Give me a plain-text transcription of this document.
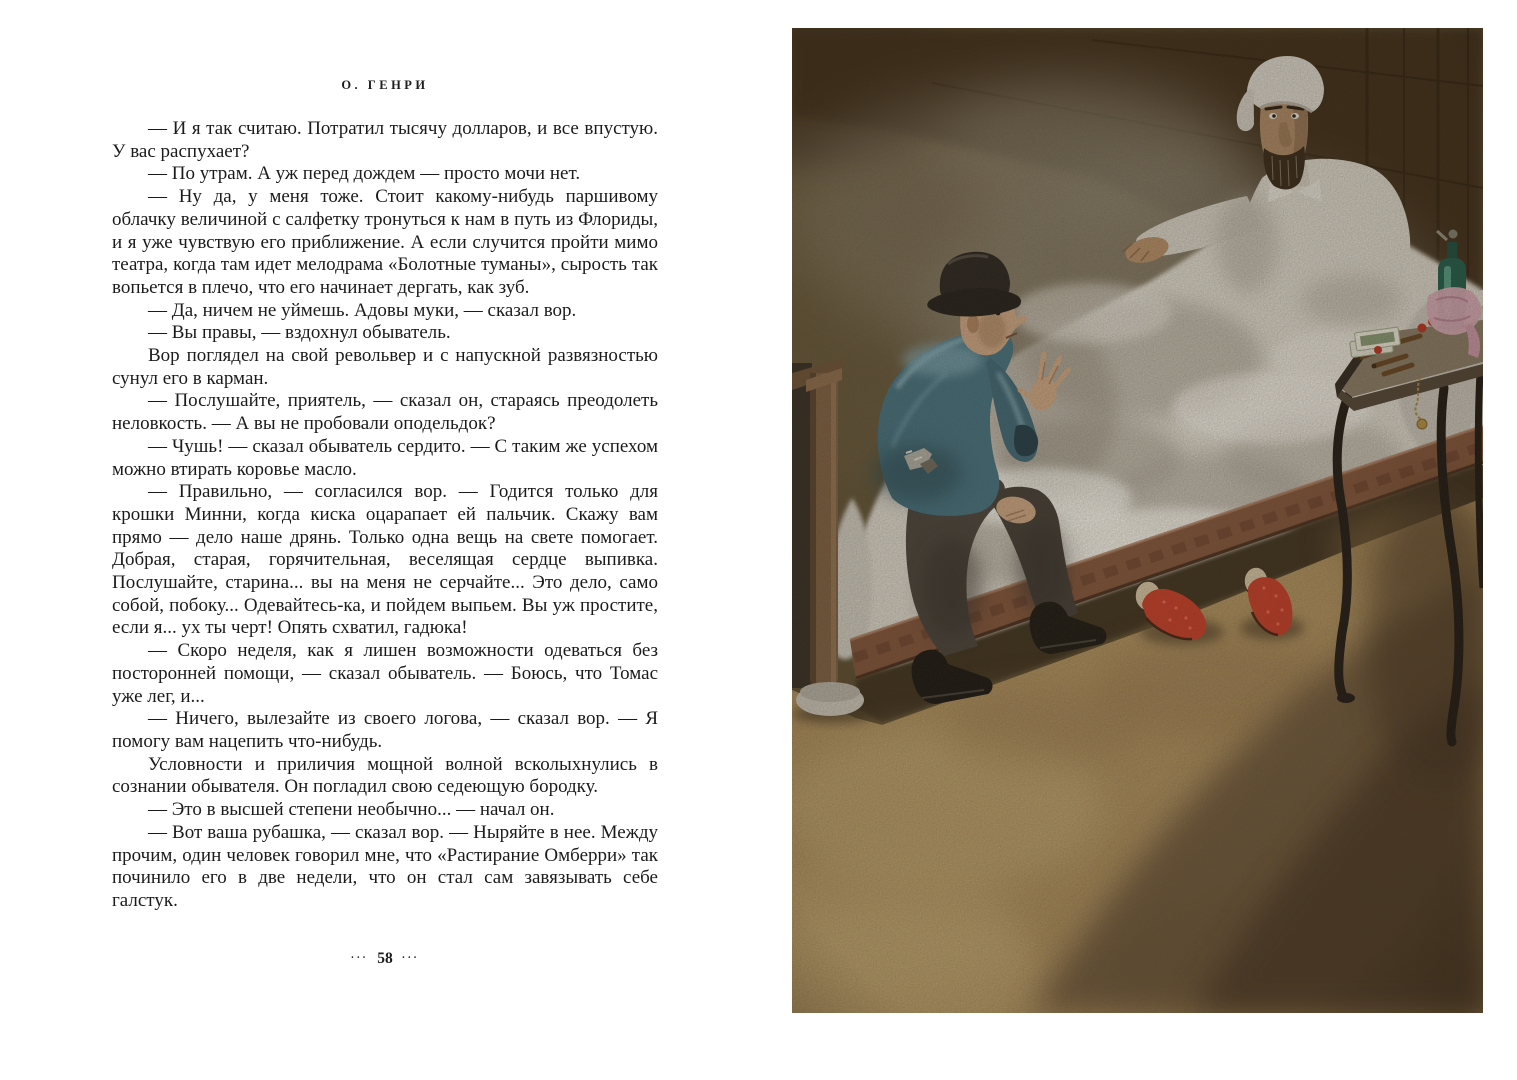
О. ГЕНРИ

— И я так считаю. Потратил тысячу долларов, и все впустую. У вас распухает?

— По утрам. А уж перед дождем — просто мочи нет.

— Ну да, у меня тоже. Стоит какому-нибудь паршивому облачку величиной с салфетку тронуться к нам в путь из Флориды, и я уже чувствую его приближение. А если случится пройти мимо театра, когда там идет мелодрама «Болотные туманы», сырость так вопьется в плечо, что его начинает дергать, как зуб.

— Да, ничем не уймешь. Адовы муки, — сказал вор.

— Вы правы, — вздохнул обыватель.

Вор поглядел на свой револьвер и с напускной развязностью сунул его в карман.

— Послушайте, приятель, — сказал он, стараясь преодолеть неловкость. — А вы не пробовали оподельдок?

— Чушь! — сказал обыватель сердито. — С таким же успехом можно втирать коровье масло.

— Правильно, — согласился вор. — Годится только для крошки Минни, когда киска оцарапает ей пальчик. Скажу вам прямо — дело наше дрянь. Только одна вещь на свете помогает. Добрая, старая, горячительная, веселящая сердце выпивка. Послушайте, старина... вы на меня не серчайте... Это дело, само собой, побоку... Одевайтесь-ка, и пойдем выпьем. Вы уж простите, если я... ух ты черт! Опять схватил, гадюка!

— Скоро неделя, как я лишен возможности одеваться без посторонней помощи, — сказал обыватель. — Боюсь, что Томас уже лег, и...

— Ничего, вылезайте из своего логова, — сказал вор. — Я помогу вам нацепить что-нибудь.

Условности и приличия мощной волной всколыхнулись в сознании обывателя. Он погладил свою седеющую бородку.

— Это в высшей степени необычно... — начал он.

— Вот ваша рубашка, — сказал вор. — Ныряйте в нее. Между прочим, один человек говорил мне, что «Растирание Омберри» так починило его в две недели, что он стал сам завязывать себе галстук.

··· 58 ···
